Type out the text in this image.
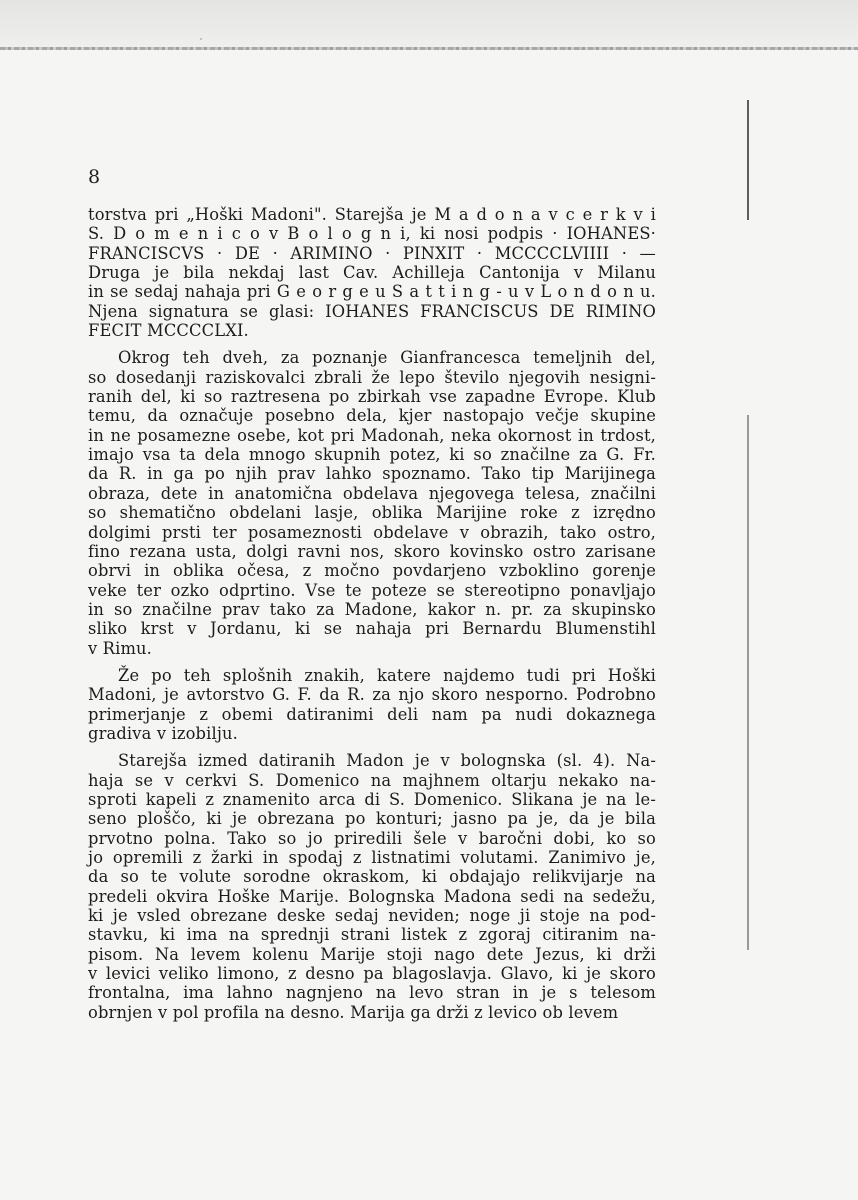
8
torstva pri „Hoški Madoni". Starejša je M a d o n a v c e r k v i
S. D o m e n i c o v B o l o g n i, ki nosi podpis · IOHANES·
FRANCISCVS · DE · ARIMINO · PINXIT · MCCCCLVIIII · —
Druga je bila nekdaj last Cav. Achilleja Cantonija v Milanu
in se sedaj nahaja pri G e o r g e u S a t t i n g - u v L o n d o n u.
Njena signatura se glasi: IOHANES FRANCISCUS DE RIMINO
FECIT MCCCCLXI.
Okrog teh dveh, za poznanje Gianfrancesca temeljnih del,
so dosedanji raziskovalci zbrali že lepo število njegovih nesigni-
ranih del, ki so raztresena po zbirkah vse zapadne Evrope. Klub
temu, da označuje posebno dela, kjer nastopajo večje skupine
in ne posamezne osebe, kot pri Madonah, neka okornost in trdost,
imajo vsa ta dela mnogo skupnih potez, ki so značilne za G. Fr.
da R. in ga po njih prav lahko spoznamo. Tako tip Marijinega
obraza, dete in anatomična obdelava njegovega telesa, značilni
so shematično obdelani lasje, oblika Marijine roke z izrędno
dolgimi prsti ter posameznosti obdelave v obrazih, tako ostro,
fino rezana usta, dolgi ravni nos, skoro kovinsko ostro zarisane
obrvi in oblika očesa, z močno povdarjeno vzboklino gorenje
veke ter ozko odprtino. Vse te poteze se stereotipno ponavljajo
in so značilne prav tako za Madone, kakor n. pr. za skupinsko
sliko krst v Jordanu, ki se nahaja pri Bernardu Blumenstihl
v Rimu.
Že po teh splošnih znakih, katere najdemo tudi pri Hoški
Madoni, je avtorstvo G. F. da R. za njo skoro nesporno. Podrobno
primerjanje z obemi datiranimi deli nam pa nudi dokaznega
gradiva v izobilju.
Starejša izmed datiranih Madon je v bolognska (sl. 4). Na-
haja se v cerkvi S. Domenico na majhnem oltarju nekako na-
sproti kapeli z znamenito arca di S. Domenico. Slikana je na le-
seno ploščo, ki je obrezana po konturi; jasno pa je, da je bila
prvotno polna. Tako so jo priredili šele v baročni dobi, ko so
jo opremili z žarki in spodaj z listnatimi volutami. Zanimivo je,
da so te volute sorodne okraskom, ki obdajajo relikvijarje na
predeli okvira Hoške Marije. Bolognska Madona sedi na sedežu,
ki je vsled obrezane deske sedaj neviden; noge ji stoje na pod-
stavku, ki ima na sprednji strani listek z zgoraj citiranim na-
pisom. Na levem kolenu Marije stoji nago dete Jezus, ki drži
v levici veliko limono, z desno pa blagoslavja. Glavo, ki je skoro
frontalna, ima lahno nagnjeno na levo stran in je s telesom
obrnjen v pol profila na desno. Marija ga drži z levico ob levem
